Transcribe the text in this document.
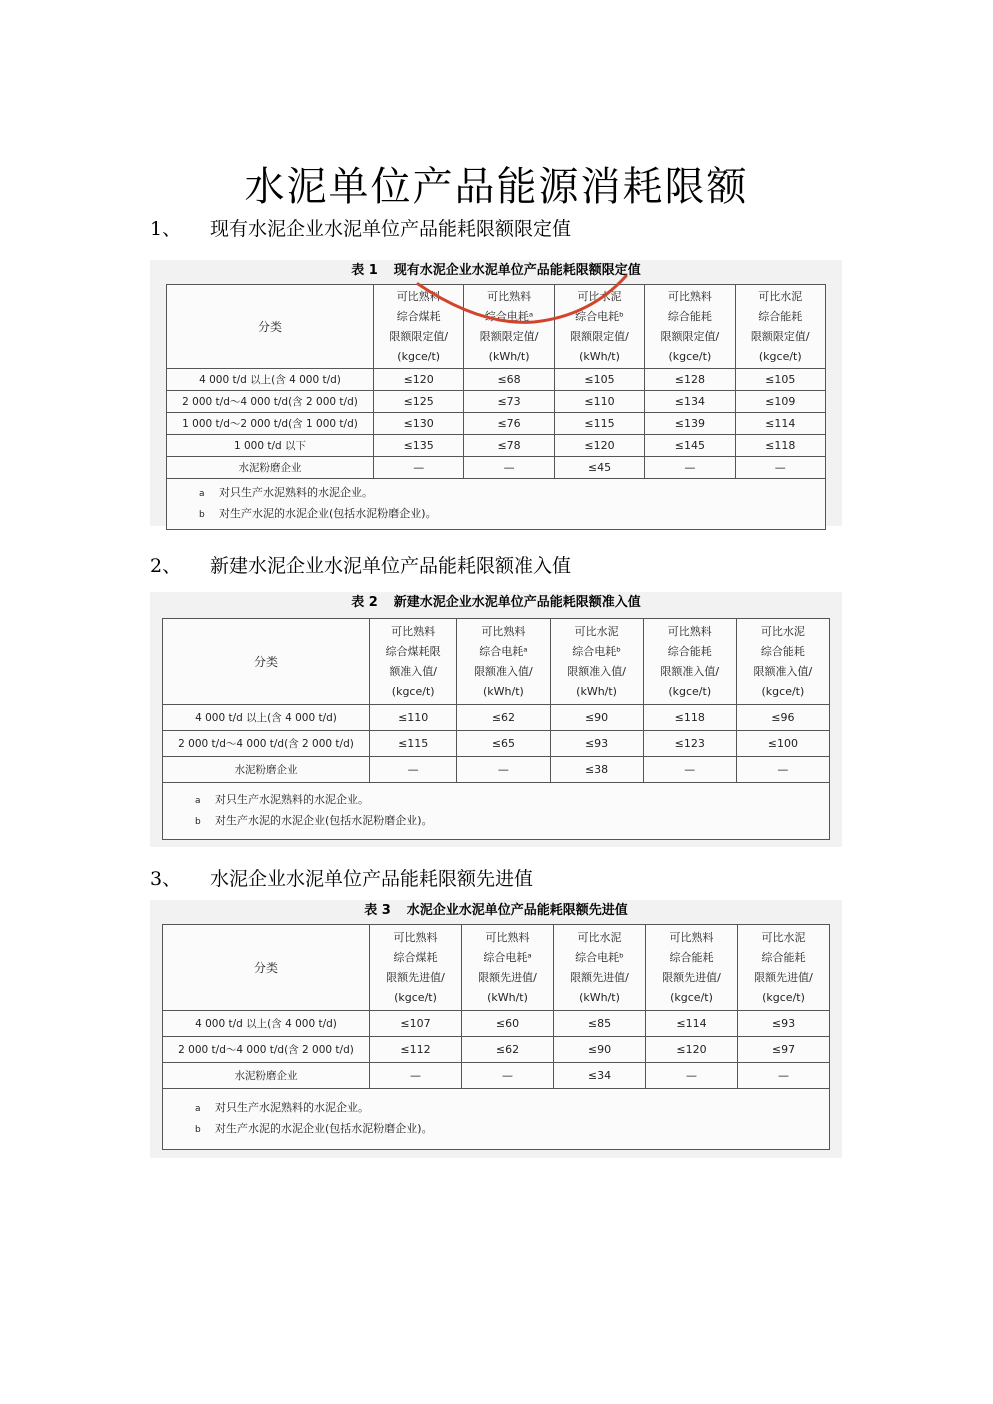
水泥单位产品能源消耗限额
1、	现有水泥企业水泥单位产品能耗限额限定值
表 1 现有水泥企业水泥单位产品能耗限额限定值
分类	可比熟料
综合煤耗
限额限定值/
(kgce/t)	可比熟料
综合电耗ᵃ
限额限定值/
(kWh/t)	可比水泥
综合电耗ᵇ
限额限定值/
(kWh/t)	可比熟料
综合能耗
限额限定值/
(kgce/t)	可比水泥
综合能耗
限额限定值/
(kgce/t)

4 000 t/d 以上(含 4 000 t/d)	≤120	≤68	≤105	≤128	≤105
2 000 t/d～4 000 t/d(含 2 000 t/d)	≤125	≤73	≤110	≤134	≤109
1 000 t/d～2 000 t/d(含 1 000 t/d)	≤130	≤76	≤115	≤139	≤114
1 000 t/d 以下	≤135	≤78	≤120	≤145	≤118
水泥粉磨企业	—	—	≤45	—	—

a 对只生产水泥熟料的水泥企业。
b 对生产水泥的水泥企业(包括水泥粉磨企业)。					
2、	新建水泥企业水泥单位产品能耗限额准入值
表 2 新建水泥企业水泥单位产品能耗限额准入值
分类	可比熟料
综合煤耗限
额准入值/
(kgce/t)	可比熟料
综合电耗ᵃ
限额准入值/
(kWh/t)	可比水泥
综合电耗ᵇ
限额准入值/
(kWh/t)	可比熟料
综合能耗
限额准入值/
(kgce/t)	可比水泥
综合能耗
限额准入值/
(kgce/t)

4 000 t/d 以上(含 4 000 t/d)	≤110	≤62	≤90	≤118	≤96
2 000 t/d～4 000 t/d(含 2 000 t/d)	≤115	≤65	≤93	≤123	≤100
水泥粉磨企业	—	—	≤38	—	—

a 对只生产水泥熟料的水泥企业。
b 对生产水泥的水泥企业(包括水泥粉磨企业)。					
3、	水泥企业水泥单位产品能耗限额先进值
表 3 水泥企业水泥单位产品能耗限额先进值
分类	可比熟料
综合煤耗
限额先进值/
(kgce/t)	可比熟料
综合电耗ᵃ
限额先进值/
(kWh/t)	可比水泥
综合电耗ᵇ
限额先进值/
(kWh/t)	可比熟料
综合能耗
限额先进值/
(kgce/t)	可比水泥
综合能耗
限额先进值/
(kgce/t)

4 000 t/d 以上(含 4 000 t/d)	≤107	≤60	≤85	≤114	≤93
2 000 t/d～4 000 t/d(含 2 000 t/d)	≤112	≤62	≤90	≤120	≤97
水泥粉磨企业	—	—	≤34	—	—

a 对只生产水泥熟料的水泥企业。
b 对生产水泥的水泥企业(包括水泥粉磨企业)。					
